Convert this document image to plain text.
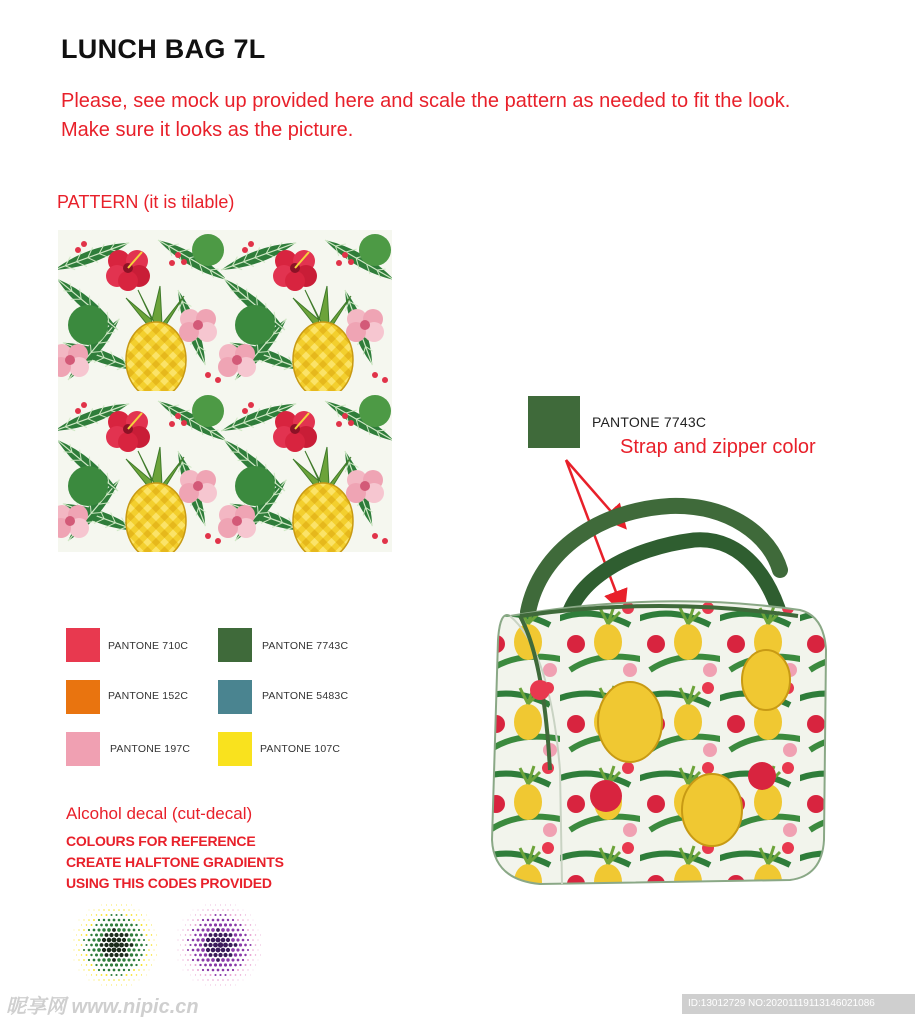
LUNCH BAG 7L
Please, see mock up provided here and scale the pattern as needed to fit the look.
Make sure it looks as the picture.
PATTERN (it is tilable)
PANTONE 710C	PANTONE 7743C
PANTONE 152C	PANTONE 5483C
PANTONE 197C	PANTONE 107C
Alcohol decal (cut-decal)
COLOURS FOR REFERENCE
CREATE HALFTONE GRADIENTS
USING THIS CODES PROVIDED
PANTONE 7743C
Strap and zipper color
昵享网 www.nipic.cn	ID:13012729 NO:20201119113146021086
